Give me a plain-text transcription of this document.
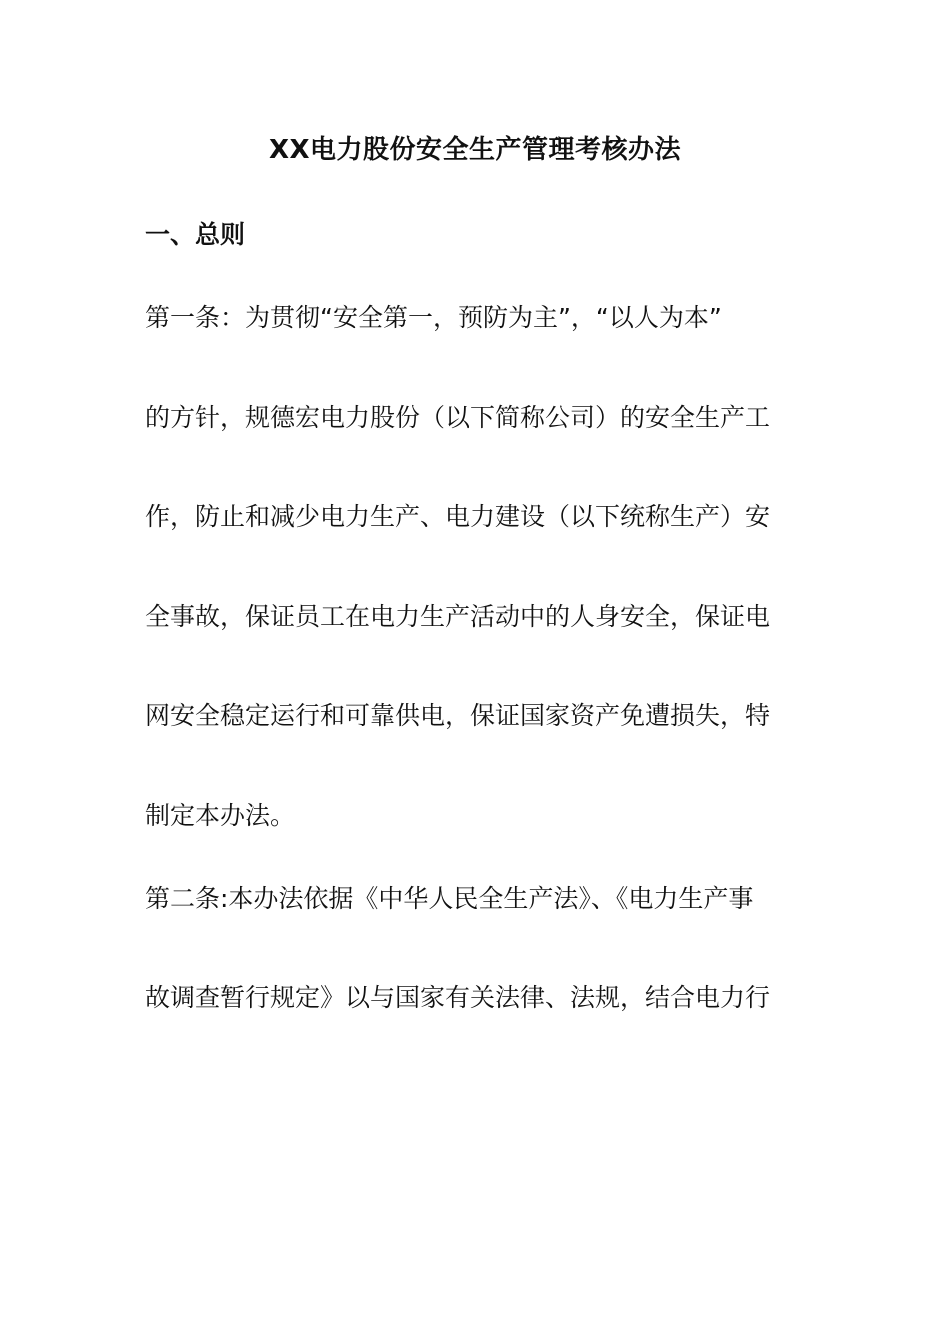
XX电力股份安全生产管理考核办法
一、总则
第一条：为贯彻“安全第一，预防为主”，“以人为本”
的方针，规德宏电力股份（以下简称公司）的安全生产工
作，防止和减少电力生产、电力建设（以下统称生产）安
全事故，保证员工在电力生产活动中的人身安全，保证电
网安全稳定运行和可靠供电，保证国家资产免遭损失，特
制定本办法。
第二条:本办法依据《中华人民全生产法》、《电力生产事
故调查暂行规定》以与国家有关法律、法规，结合电力行
